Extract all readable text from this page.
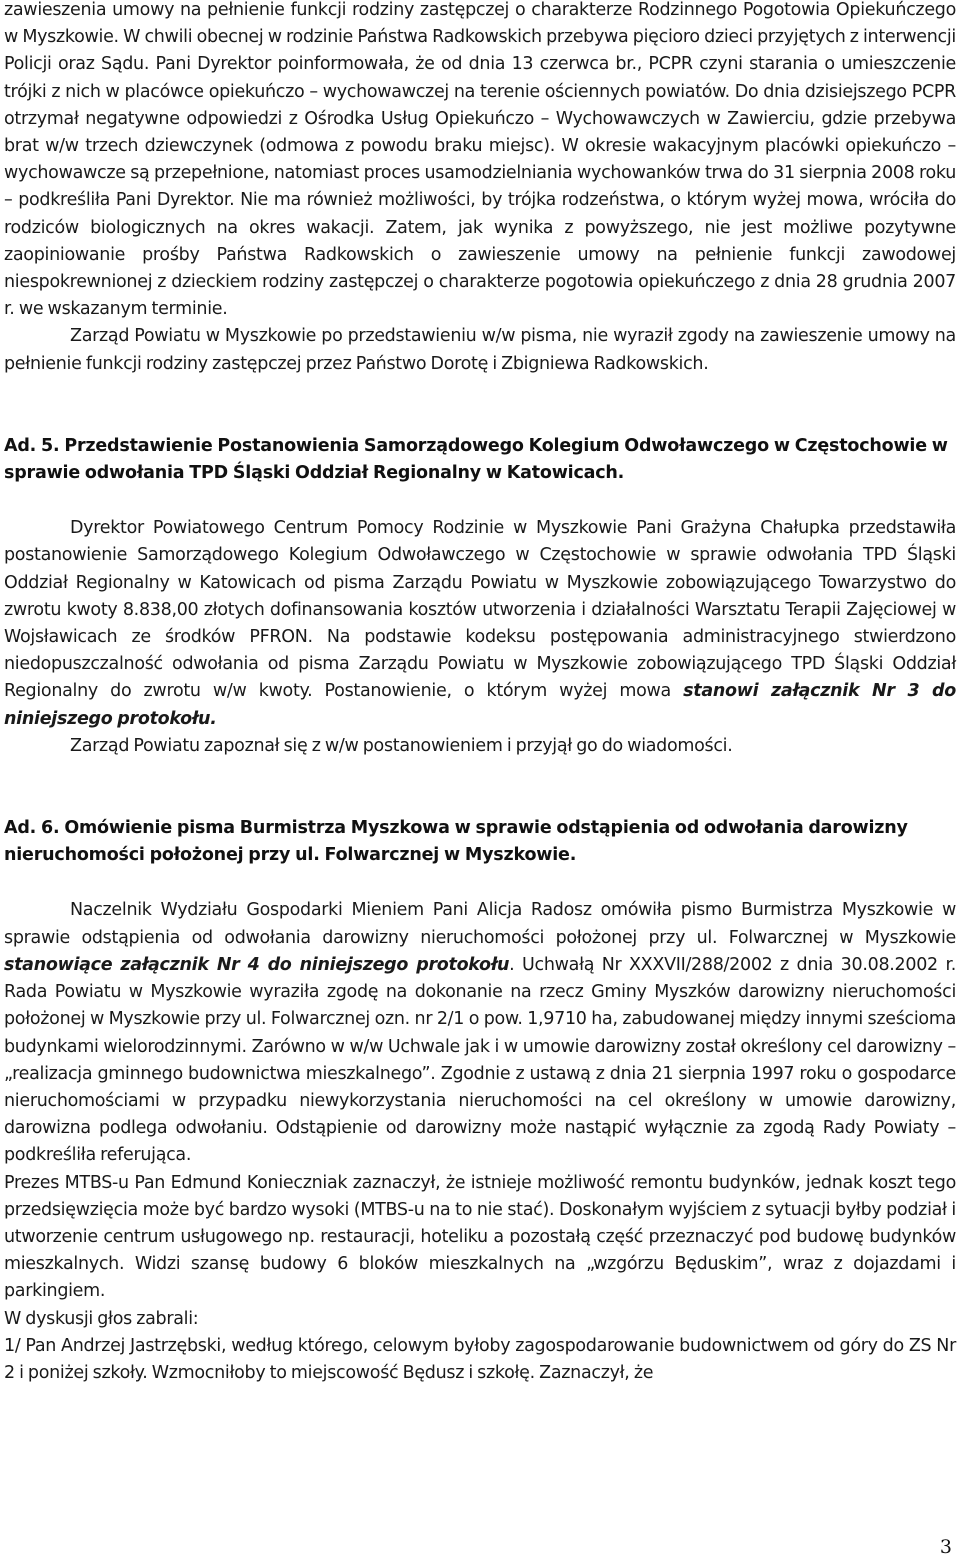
zawieszenia umowy na pełnienie funkcji rodziny zastępczej o charakterze Rodzinnego Pogotowia Opiekuńczego w Myszkowie. W chwili obecnej w rodzinie Państwa Radkowskich przebywa pięcioro dzieci przyjętych z interwencji Policji oraz Sądu. Pani Dyrektor poinformowała, że od dnia 13 czerwca br., PCPR czyni starania o umieszczenie trójki z nich w placówce opiekuńczo – wychowawczej na terenie ościennych powiatów. Do dnia dzisiejszego PCPR otrzymał negatywne odpowiedzi z Ośrodka Usług Opiekuńczo – Wychowawczych w Zawierciu, gdzie przebywa brat w/w trzech dziewczynek (odmowa z powodu braku miejsc). W okresie wakacyjnym placówki opiekuńczo – wychowawcze są przepełnione, natomiast proces usamodzielniania wychowanków trwa do 31 sierpnia 2008 roku – podkreśliła Pani Dyrektor. Nie ma również możliwości, by trójka rodzeństwa, o którym wyżej mowa, wróciła do rodziców biologicznych na okres wakacji. Zatem, jak wynika z powyższego, nie jest możliwe pozytywne zaopiniowanie prośby Państwa Radkowskich o zawieszenie umowy na pełnienie funkcji zawodowej niespokrewnionej z dzieckiem rodziny zastępczej o charakterze pogotowia opiekuńczego z dnia 28 grudnia 2007 r. we wskazanym terminie.

Zarząd Powiatu w Myszkowie po przedstawieniu w/w pisma, nie wyraził zgody na zawieszenie umowy na pełnienie funkcji rodziny zastępczej przez Państwo Dorotę i Zbigniewa Radkowskich.

Ad. 5. Przedstawienie Postanowienia Samorządowego Kolegium Odwoławczego w Częstochowie w sprawie odwołania TPD Śląski Oddział Regionalny w Katowicach.

Dyrektor Powiatowego Centrum Pomocy Rodzinie w Myszkowie Pani Grażyna Chałupka przedstawiła postanowienie Samorządowego Kolegium Odwoławczego w Częstochowie w sprawie odwołania TPD Śląski Oddział Regionalny w Katowicach od pisma Zarządu Powiatu w Myszkowie zobowiązującego Towarzystwo do zwrotu kwoty 8.838,00 złotych dofinansowania kosztów utworzenia i działalności Warsztatu Terapii Zajęciowej w Wojsławicach ze środków PFRON. Na podstawie kodeksu postępowania administracyjnego stwierdzono niedopuszczalność odwołania od pisma Zarządu Powiatu w Myszkowie zobowiązującego TPD Śląski Oddział Regionalny do zwrotu w/w kwoty. Postanowienie, o którym wyżej mowa stanowi załącznik Nr 3 do niniejszego protokołu.

Zarząd Powiatu zapoznał się z w/w postanowieniem i przyjął go do wiadomości.

Ad. 6. Omówienie pisma Burmistrza Myszkowa w sprawie odstąpienia od odwołania darowizny nieruchomości położonej przy ul. Folwarcznej w Myszkowie.

Naczelnik Wydziału Gospodarki Mieniem Pani Alicja Radosz omówiła pismo Burmistrza Myszkowie w sprawie odstąpienia od odwołania darowizny nieruchomości położonej przy ul. Folwarcznej w Myszkowie stanowiące załącznik Nr 4 do niniejszego protokołu. Uchwałą Nr XXXVII/288/2002 z dnia 30.08.2002 r. Rada Powiatu w Myszkowie wyraziła zgodę na dokonanie na rzecz Gminy Myszków darowizny nieruchomości położonej w Myszkowie przy ul. Folwarcznej ozn. nr 2/1 o pow. 1,9710 ha, zabudowanej między innymi sześcioma budynkami wielorodzinnymi. Zarówno w w/w Uchwale jak i w umowie darowizny został określony cel darowizny – „realizacja gminnego budownictwa mieszkalnego”. Zgodnie z ustawą z dnia 21 sierpnia 1997 roku o gospodarce nieruchomościami w przypadku niewykorzystania nieruchomości na cel określony w umowie darowizny, darowizna podlega odwołaniu. Odstąpienie od darowizny może nastąpić wyłącznie za zgodą Rady Powiaty – podkreśliła referująca.

Prezes MTBS-u Pan Edmund Konieczniak zaznaczył, że istnieje możliwość remontu budynków, jednak koszt tego przedsięwzięcia może być bardzo wysoki (MTBS-u na to nie stać). Doskonałym wyjściem z sytuacji byłby podział i utworzenie centrum usługowego np. restauracji, hoteliku a pozostałą część przeznaczyć pod budowę budynków mieszkalnych. Widzi szansę budowy 6 bloków mieszkalnych na „wzgórzu Będuskim”, wraz z dojazdami i parkingiem.

W dyskusji głos zabrali:

1/ Pan Andrzej Jastrzębski, według którego, celowym byłoby zagospodarowanie budownictwem od góry do ZS Nr 2 i poniżej szkoły. Wzmocniłoby to miejscowość Będusz i szkołę. Zaznaczył, że

3
